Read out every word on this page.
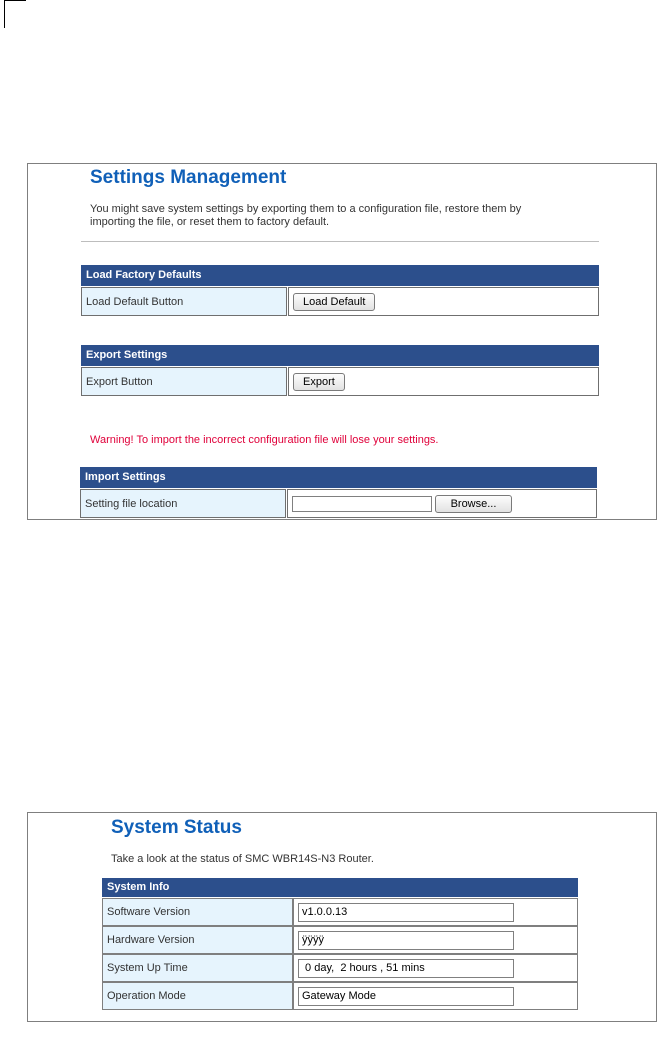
Settings Management
You might save system settings by exporting them to a configuration file, restore them by
importing the file, or reset them to factory default.
Load Factory Defaults
Load Default Button	Load Default
Export Settings
Export Button	Export
Warning! To import the incorrect configuration file will lose your settings.
Import Settings
Setting file location	Browse...
System Status
Take a look at the status of SMC WBR14S-N3 Router.
System Info
Software Version	v1.0.0.13
Hardware Version	ÿÿÿÿ
System Up Time	0 day,  2 hours , 51 mins
Operation Mode	Gateway Mode
